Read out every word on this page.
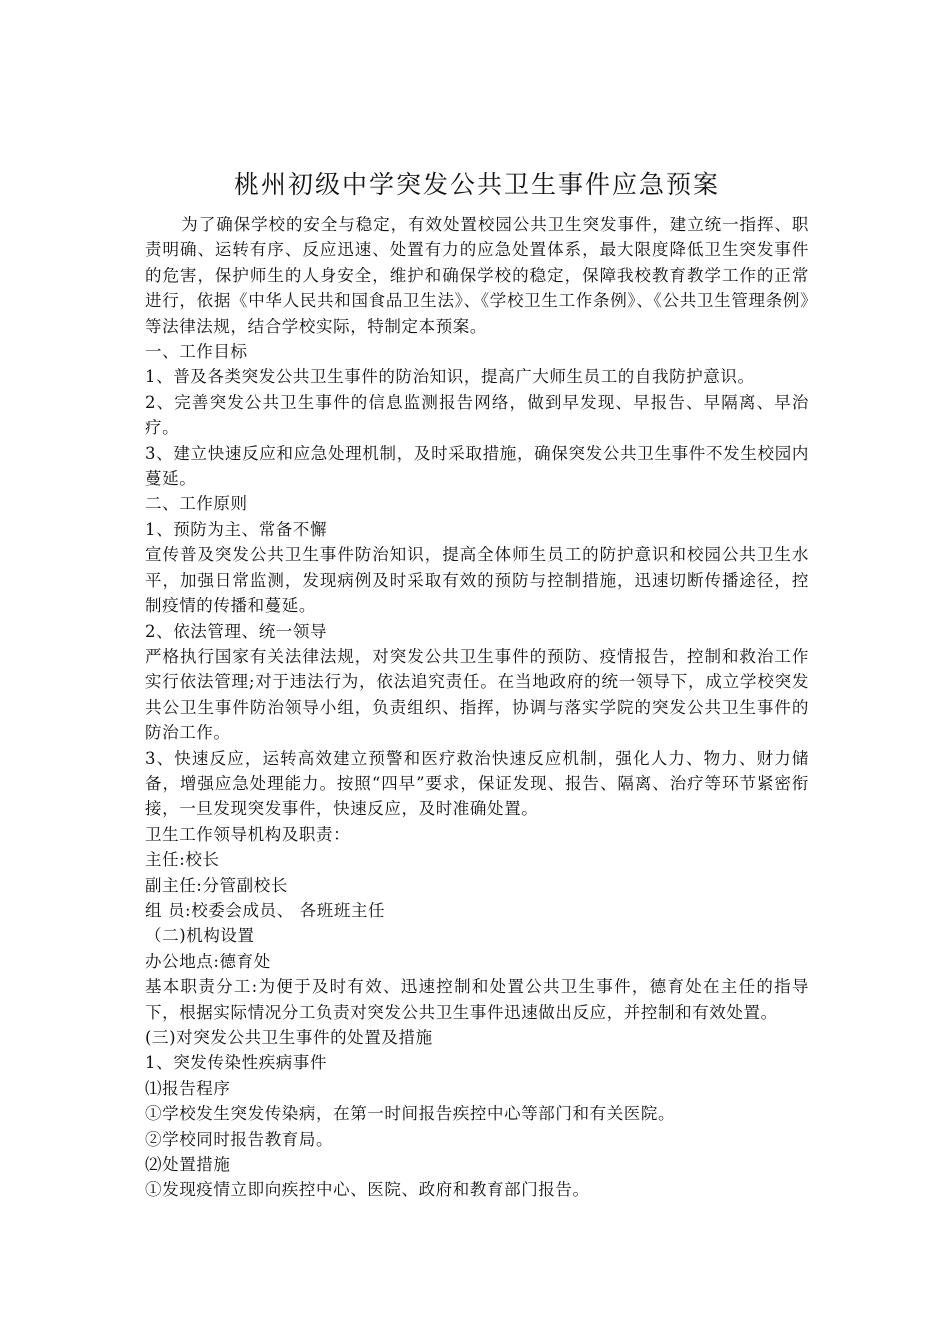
桃州初级中学突发公共卫生事件应急预案

为了确保学校的安全与稳定，有效处置校园公共卫生突发事件，建立统一指挥、职责明确、运转有序、反应迅速、处置有力的应急处置体系，最大限度降低卫生突发事件的危害，保护师生的人身安全，维护和确保学校的稳定，保障我校教育教学工作的正常进行，依据《中华人民共和国食品卫生法》、《学校卫生工作条例》、《公共卫生管理条例》等法律法规，结合学校实际，特制定本预案。

一、工作目标

1、普及各类突发公共卫生事件的防治知识，提高广大师生员工的自我防护意识。

2、完善突发公共卫生事件的信息监测报告网络，做到早发现、早报告、早隔离、早治疗。

3、建立快速反应和应急处理机制，及时采取措施，确保突发公共卫生事件不发生校园内蔓延。

二、工作原则

1、预防为主、常备不懈

宣传普及突发公共卫生事件防治知识，提高全体师生员工的防护意识和校园公共卫生水平，加强日常监测，发现病例及时采取有效的预防与控制措施，迅速切断传播途径，控制疫情的传播和蔓延。

2、依法管理、统一领导

严格执行国家有关法律法规，对突发公共卫生事件的预防、疫情报告，控制和救治工作实行依法管理;对于违法行为，依法追究责任。在当地政府的统一领导下，成立学校突发共公卫生事件防治领导小组，负责组织、指挥，协调与落实学院的突发公共卫生事件的防治工作。

3、快速反应，运转高效建立预警和医疗救治快速反应机制，强化人力、物力、财力储备，增强应急处理能力。按照“四早”要求，保证发现、报告、隔离、治疗等环节紧密衔接，一旦发现突发事件，快速反应，及时准确处置。

卫生工作领导机构及职责：

主任:校长

副主任:分管副校长

组 员:校委会成员、 各班班主任

（二)机构设置

办公地点:德育处

基本职责分工:为便于及时有效、迅速控制和处置公共卫生事件，德育处在主任的指导下，根据实际情况分工负责对突发公共卫生事件迅速做出反应，并控制和有效处置。

(三)对突发公共卫生事件的处置及措施

1、突发传染性疾病事件

⑴报告程序

①学校发生突发传染病，在第一时间报告疾控中心等部门和有关医院。

②学校同时报告教育局。

⑵处置措施

①发现疫情立即向疾控中心、医院、政府和教育部门报告。
